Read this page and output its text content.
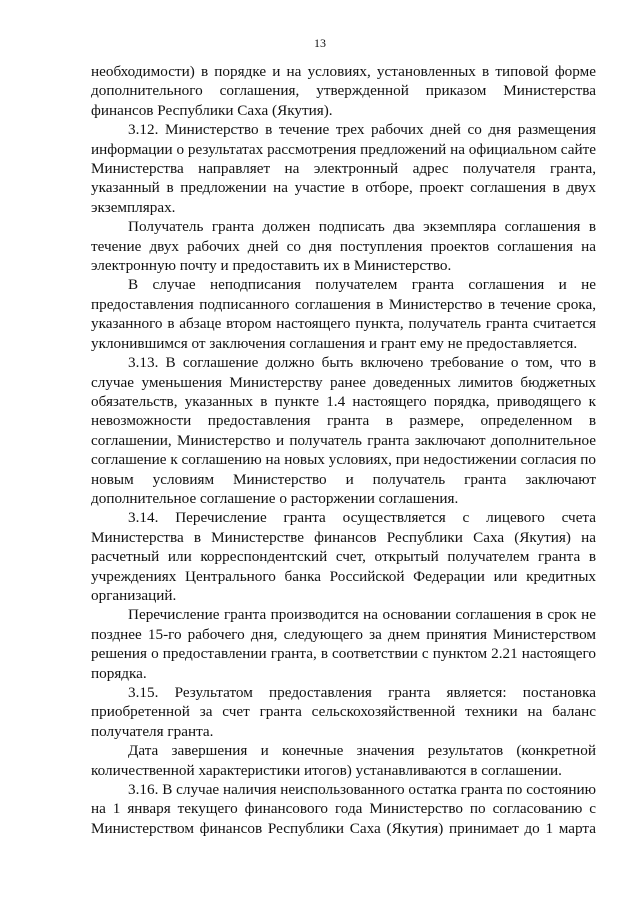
13

необходимости) в порядке и на условиях, установленных в типовой форме дополнительного соглашения, утвержденной приказом Министерства финансов Республики Саха (Якутия).

3.12. Министерство в течение трех рабочих дней со дня размещения информации о результатах рассмотрения предложений на официальном сайте Министерства направляет на электронный адрес получателя гранта, указанный в предложении на участие в отборе, проект соглашения в двух экземплярах.

Получатель гранта должен подписать два экземпляра соглашения в течение двух рабочих дней со дня поступления проектов соглашения на электронную почту и предоставить их в Министерство.

В случае неподписания получателем гранта соглашения и не предоставления подписанного соглашения в Министерство в течение срока, указанного в абзаце втором настоящего пункта, получатель гранта считается уклонившимся от заключения соглашения и грант ему не предоставляется.

3.13. В соглашение должно быть включено требование о том, что в случае уменьшения Министерству ранее доведенных лимитов бюджетных обязательств, указанных в пункте 1.4 настоящего порядка, приводящего к невозможности предоставления гранта в размере, определенном в соглашении, Министерство и получатель гранта заключают дополнительное соглашение к соглашению на новых условиях, при недостижении согласия по новым условиям Министерство и получатель гранта заключают дополнительное соглашение о расторжении соглашения.

3.14. Перечисление гранта осуществляется с лицевого счета Министерства в Министерстве финансов Республики Саха (Якутия) на расчетный или корреспондентский счет, открытый получателем гранта в учреждениях Центрального банка Российской Федерации или кредитных организаций.

Перечисление гранта производится на основании соглашения в срок не позднее 15-го рабочего дня, следующего за днем принятия Министерством решения о предоставлении гранта, в соответствии с пунктом 2.21 настоящего порядка.

3.15. Результатом предоставления гранта является: постановка приобретенной за счет гранта сельскохозяйственной техники на баланс получателя гранта.

Дата завершения и конечные значения результатов (конкретной количественной характеристики итогов) устанавливаются в соглашении.

3.16. В случае наличия неиспользованного остатка гранта по состоянию на 1 января текущего финансового года Министерство по согласованию с Министерством финансов Республики Саха (Якутия) принимает до 1 марта
